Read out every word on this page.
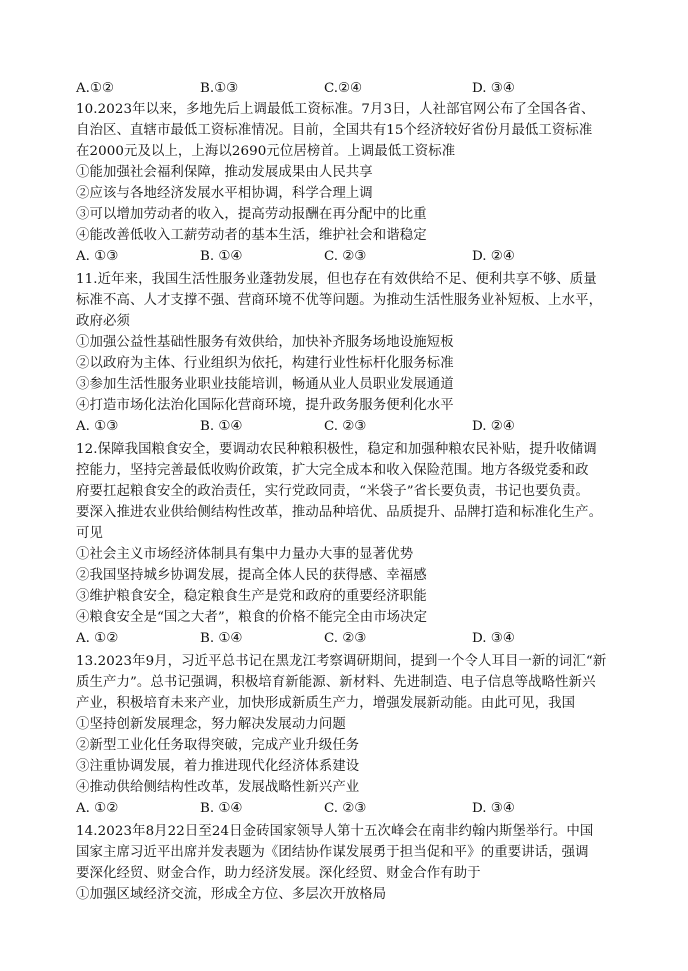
A.①②	B.①③	C.②④	D. ③④
10.2023年以来，多地先后上调最低工资标准。7月3日，人社部官网公布了全国各省、
自治区、直辖市最低工资标准情况。目前，全国共有15个经济较好省份月最低工资标准
在2000元及以上，上海以2690元位居榜首。上调最低工资标准
①能加强社会福利保障，推动发展成果由人民共享
②应该与各地经济发展水平相协调，科学合理上调
③可以增加劳动者的收入，提高劳动报酬在再分配中的比重
④能改善低收入工薪劳动者的基本生活，维护社会和谐稳定
A. ①③	B. ①④	C. ②③	D. ②④
11.近年来，我国生活性服务业蓬勃发展，但也存在有效供给不足、便利共享不够、质量
标准不高、人才支撑不强、营商环境不优等问题。为推动生活性服务业补短板、上水平，
政府必须
①加强公益性基础性服务有效供给，加快补齐服务场地设施短板
②以政府为主体、行业组织为依托，构建行业性标杆化服务标准
③参加生活性服务业职业技能培训，畅通从业人员职业发展通道
④打造市场化法治化国际化营商环境，提升政务服务便利化水平
A. ①③	B. ①④	C. ②③	D. ②④
12.保障我国粮食安全，要调动农民种粮积极性，稳定和加强种粮农民补贴，提升收储调
控能力，坚持完善最低收购价政策，扩大完全成本和收入保险范围。地方各级党委和政
府要扛起粮食安全的政治责任，实行党政同责，“米袋子”省长要负责，书记也要负责。
要深入推进农业供给侧结构性改革，推动品种培优、品质提升、品牌打造和标准化生产。
可见
①社会主义市场经济体制具有集中力量办大事的显著优势
②我国坚持城乡协调发展，提高全体人民的获得感、幸福感
③维护粮食安全，稳定粮食生产是党和政府的重要经济职能
④粮食安全是“国之大者”，粮食的价格不能完全由市场决定
A. ①②	B. ①④	C. ②③	D. ③④
13.2023年9月，习近平总书记在黑龙江考察调研期间，提到一个令人耳目一新的词汇“新
质生产力”。总书记强调，积极培育新能源、新材料、先进制造、电子信息等战略性新兴
产业，积极培育未来产业，加快形成新质生产力，增强发展新动能。由此可见，我国
①坚持创新发展理念，努力解决发展动力问题
②新型工业化任务取得突破，完成产业升级任务
③注重协调发展，着力推进现代化经济体系建设
④推动供给侧结构性改革，发展战略性新兴产业
A. ①②	B. ①④	C. ②③	D. ③④
14.2023年8月22日至24日金砖国家领导人第十五次峰会在南非约翰内斯堡举行。中国
国家主席习近平出席并发表题为《团结协作谋发展勇于担当促和平》的重要讲话，强调
要深化经贸、财金合作，助力经济发展。深化经贸、财金合作有助于
①加强区域经济交流，形成全方位、多层次开放格局
